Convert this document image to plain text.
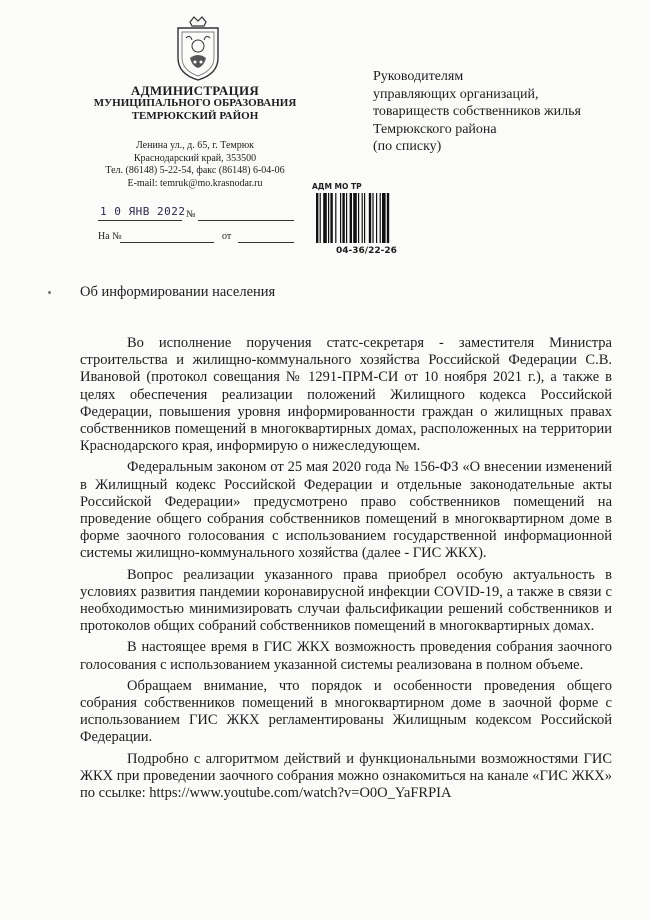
АДМИНИСТРАЦИЯ
МУНИЦИПАЛЬНОГО ОБРАЗОВАНИЯ
ТЕМРЮКСКИЙ РАЙОН
Ленина ул., д. 65, г. Темрюк
Краснодарский край, 353500
Тел. (86148) 5-22-54, факс (86148) 6-04-06
E-mail: temruk@mo.krasnodar.ru
1 0 ЯНВ 2022 №
На №	от
Руководителям
управляющих организаций,
товариществ собственников жилья
Темрюкского района
(по списку)
АДМ МО ТР
04-36/22-26
Об информировании населения

Во исполнение поручения статс-секретаря - заместителя Министра строительства и жилищно-коммунального хозяйства Российской Федерации С.В. Ивановой (протокол совещания № 1291-ПРМ-СИ от 10 ноября 2021 г.), а также в целях обеспечения реализации положений Жилищного кодекса Российской Федерации, повышения уровня информированности граждан о жилищных правах собственников помещений в многоквартирных домах, расположенных на территории Краснодарского края, информирую о нижеследующем.

Федеральным законом от 25 мая 2020 года № 156-ФЗ «О внесении изменений в Жилищный кодекс Российской Федерации и отдельные законодательные акты Российской Федерации» предусмотрено право собственников помещений на проведение общего собрания собственников помещений в многоквартирном доме в форме заочного голосования с использованием государственной информационной системы жилищно-коммунального хозяйства (далее - ГИС ЖКХ).

Вопрос реализации указанного права приобрел особую актуальность в условиях развития пандемии коронавирусной инфекции COVID-19, а также в связи с необходимостью минимизировать случаи фальсификации решений собственников и протоколов общих собраний собственников помещений в многоквартирных домах.

В настоящее время в ГИС ЖКХ возможность проведения собрания заочного голосования с использованием указанной системы реализована в полном объеме.

Обращаем внимание, что порядок и особенности проведения общего собрания собственников помещений в многоквартирном доме в заочной форме с использованием ГИС ЖКХ регламентированы Жилищным кодексом Российской Федерации.

Подробно с алгоритмом действий и функциональными возможностями ГИС ЖКХ при проведении заочного собрания можно ознакомиться на канале «ГИС ЖКХ» по ссылке: https://www.youtube.com/watch?v=O0O_YaFRPIA
